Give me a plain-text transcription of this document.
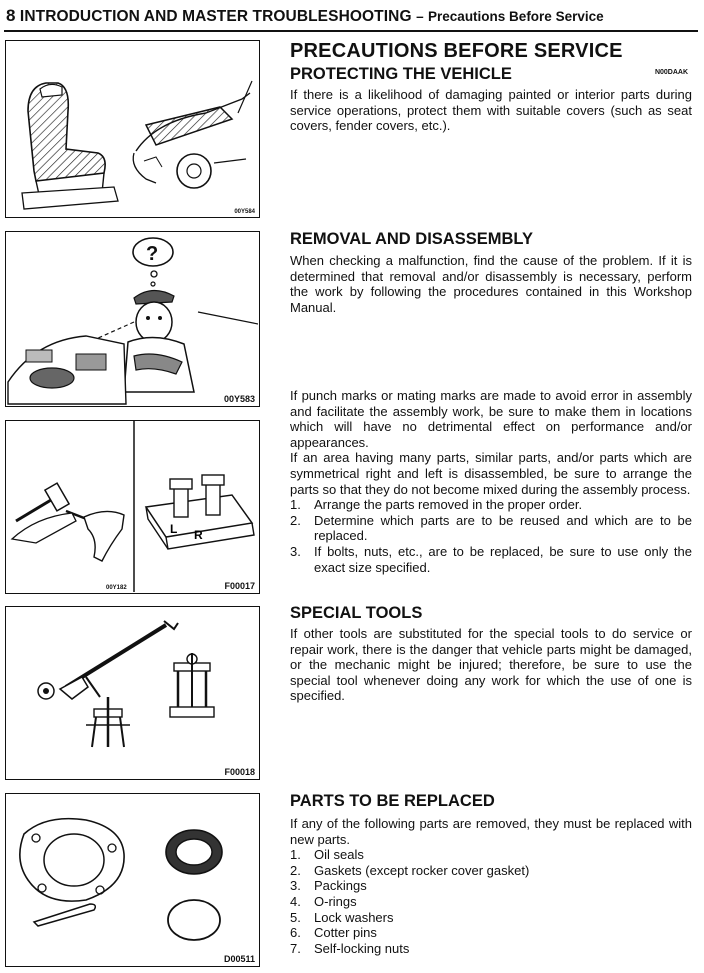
8 INTRODUCTION AND MASTER TROUBLESHOOTING – Precautions Before Service
00Y584
?
00Y583
L R
00Y182	F00017
F00018
D00511
PRECAUTIONS BEFORE SERVICE
PROTECTING THE VEHICLE	N00DAAK

If there is a likelihood of damaging painted or interior parts during service operations, protect them with suitable covers (such as seat covers, fender covers, etc.).

REMOVAL AND DISASSEMBLY

When checking a malfunction, find the cause of the problem. If it is determined that removal and/or disassembly is necessary, perform the work by following the procedures contained in this Workshop Manual.

If punch marks or mating marks are made to avoid error in assembly and facilitate the assembly work, be sure to make them in locations which will have no detrimental effect on performance and/or appearances.

If an area having many parts, similar parts, and/or parts which are symmetrical right and left is disassembled, be sure to arrange the parts so that they do not become mixed during the assembly process.

1.	Arrange the parts removed in the proper order.
2.	Determine which parts are to be reused and which are to be replaced.
3.	If bolts, nuts, etc., are to be replaced, be sure to use only the exact size specified.
SPECIAL TOOLS

If other tools are substituted for the special tools to do service or repair work, there is the danger that vehicle parts might be damaged, or the mechanic might be injured; therefore, be sure to use the special tool whenever doing any work for which the use of one is specified.

PARTS TO BE REPLACED

If any of the following parts are removed, they must be replaced with new parts.

1.	Oil seals
2.	Gaskets (except rocker cover gasket)
3.	Packings
4.	O-rings
5.	Lock washers
6.	Cotter pins
7.	Self-locking nuts
